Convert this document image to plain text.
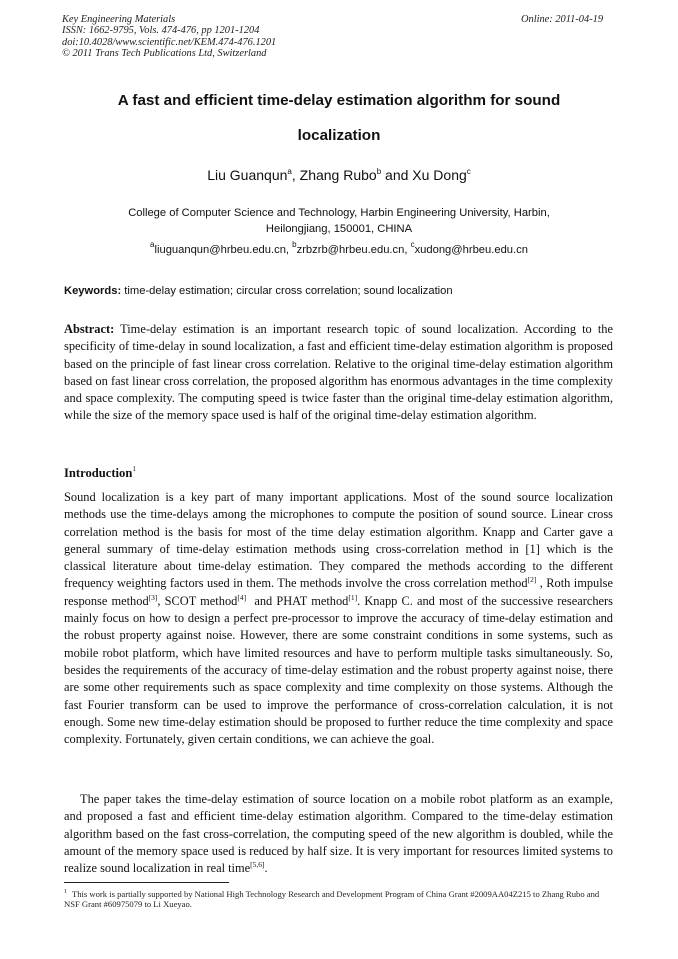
Key Engineering Materials
ISSN: 1662-9795, Vols. 474-476, pp 1201-1204
doi:10.4028/www.scientific.net/KEM.474-476.1201
© 2011 Trans Tech Publications Ltd, Switzerland
Online: 2011-04-19
A fast and efficient time-delay estimation algorithm for sound
localization
Liu Guanqun$^a$, Zhang Rubo$^b$ and Xu Dong$^c$
College of Computer Science and Technology, Harbin Engineering University, Harbin,
Heilongjiang, 150001, CHINA
$^a$liuguanqun@hrbeu.edu.cn, $^b$zrbzrb@hrbeu.edu.cn, $^c$xudong@hrbeu.edu.cn
Keywords: time-delay estimation; circular cross correlation; sound localization
Abstract: Time-delay estimation is an important research topic of sound localization. According to the specificity of time-delay in sound localization, a fast and efficient time-delay estimation algorithm is proposed based on the principle of fast linear cross correlation. Relative to the original time-delay estimation algorithm based on fast linear cross correlation, the proposed algorithm has enormous advantages in the time complexity and space complexity. The computing speed is twice faster than the original time-delay estimation algorithm, while the size of the memory space used is half of the original time-delay estimation algorithm.
Introduction$^1$
Sound localization is a key part of many important applications. Most of the sound source localization methods use the time-delays among the microphones to compute the position of sound source. Linear cross correlation method is the basis for most of the time delay estimation algorithm. Knapp and Carter gave a general summary of time-delay estimation methods using cross-correlation method in [1] which is the classical literature about time-delay estimation. They compared the methods according to the different frequency weighting factors used in them. The methods involve the cross correlation method[2] , Roth impulse response method[3], SCOT method[4]  and PHAT method[1]. Knapp C. and most of the successive researchers mainly focus on how to design a perfect pre-processor to improve the accuracy of time-delay estimation and the robust property against noise. However, there are some constraint conditions in some systems, such as mobile robot platform, which have limited resources and have to perform multiple tasks simultaneously. So, besides the requirements of the accuracy of time-delay estimation and the robust property against noise, there are some other requirements such as space complexity and time complexity on those systems. Although the fast Fourier transform can be used to improve the performance of cross-correlation calculation, it is not enough. Some new time-delay estimation should be proposed to further reduce the time complexity and space complexity. Fortunately, given certain conditions, we can achieve the goal.
The paper takes the time-delay estimation of source location on a mobile robot platform as an example, and proposed a fast and efficient time-delay estimation algorithm. Compared to the time-delay estimation algorithm based on the fast cross-correlation, the computing speed of the new algorithm is doubled, while the amount of the memory space used is reduced by half size. It is very important for resources limited systems to realize sound localization in real time[5,6].
$^1$ This work is partially supported by National High Technology Research and Development Program of China Grant #2009AA04Z215 to Zhang Rubo and NSF Grant #60975079 to Li Xueyao.
